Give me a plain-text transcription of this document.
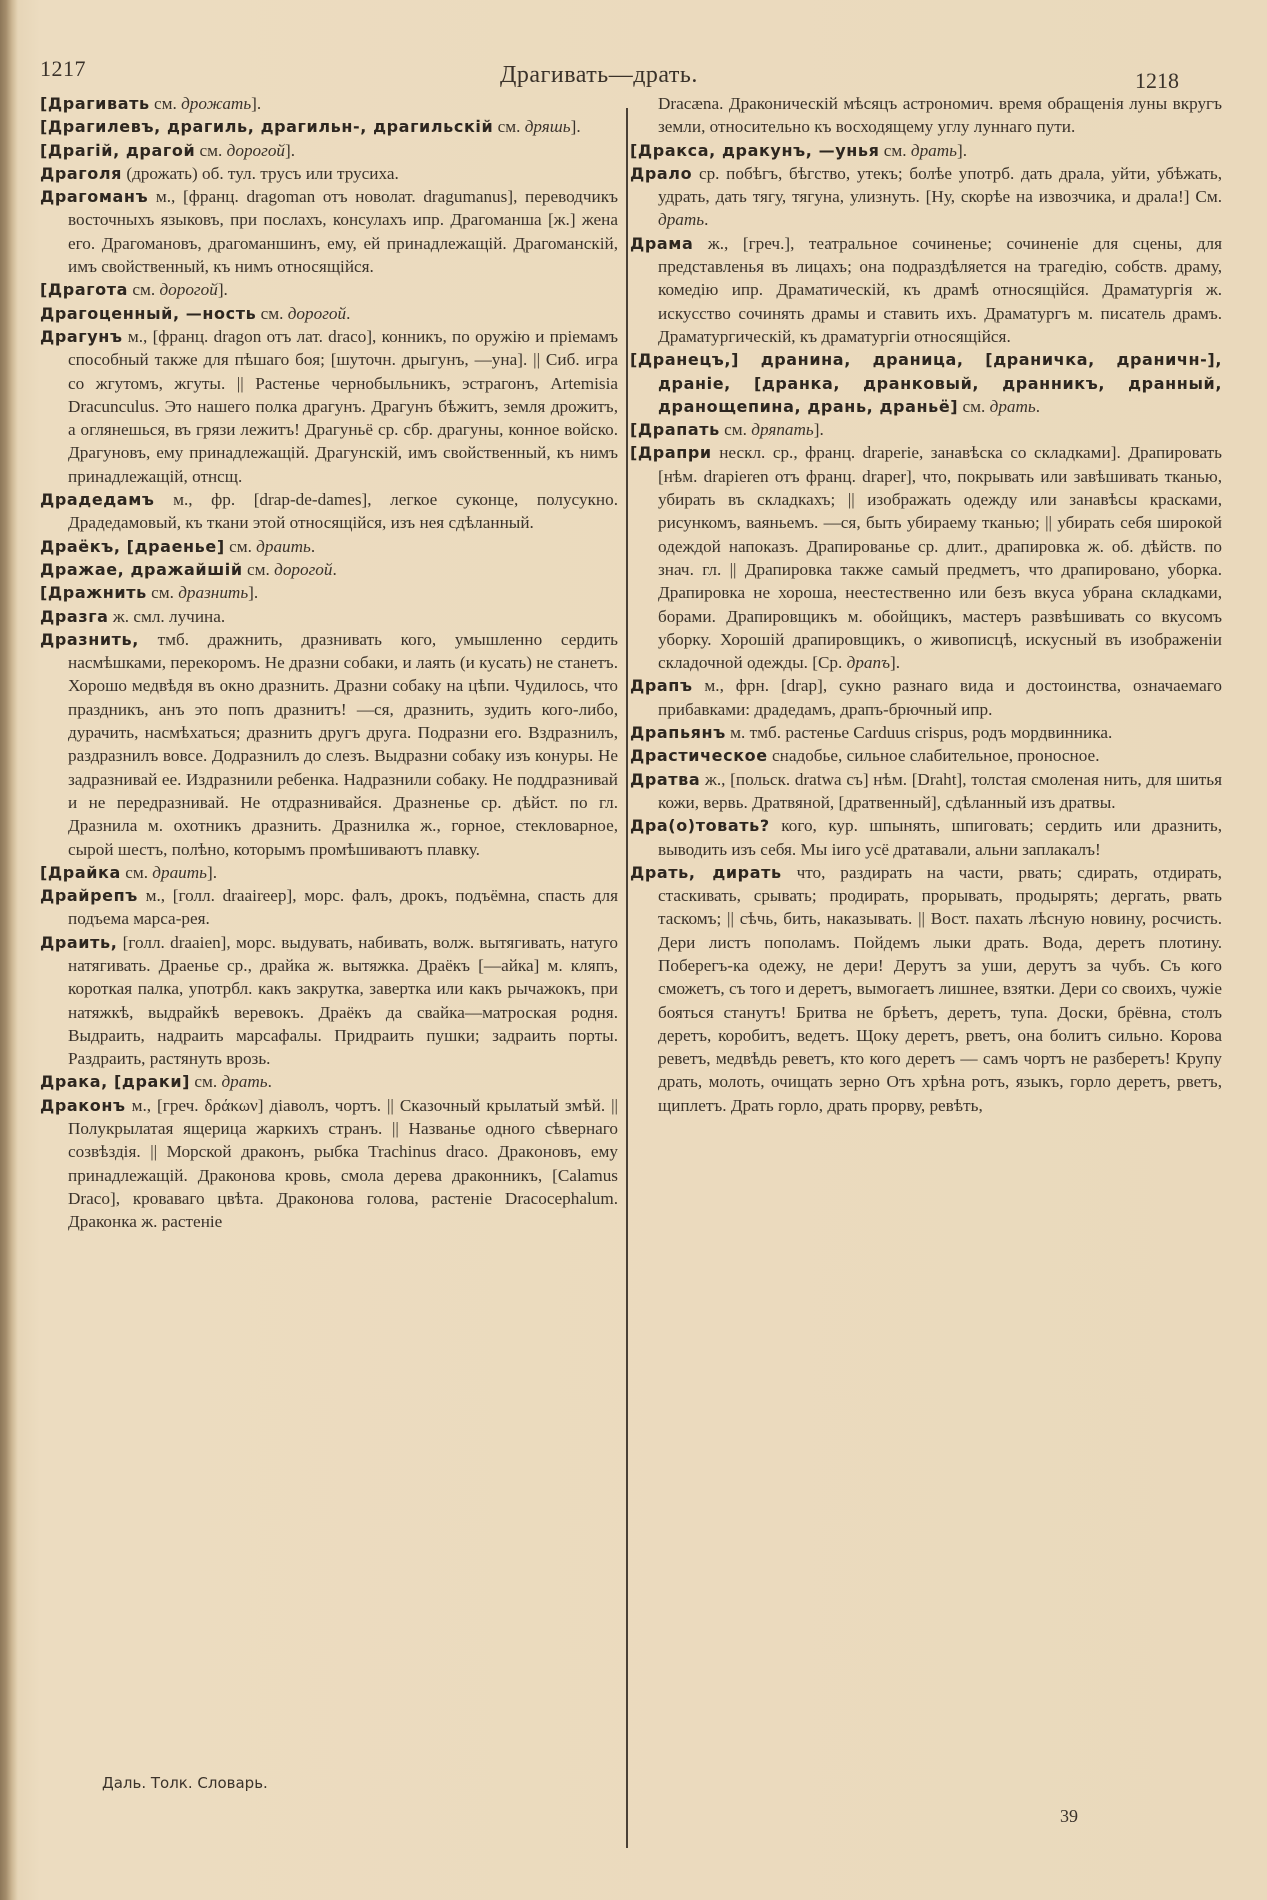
1217	Драгивать—драть.	1218

[Драгивать см. дрожать].

[Драгилевъ, драгиль, драгильн-, драгильскій см. дряшь].

[Драгій, драгой см. дорогой].

Драголя (дрожать) об. тул. трусъ или трусиха.

Драгоманъ м., [франц. dragoman отъ новолат. dragumanus], переводчикъ восточныхъ языковъ, при послахъ, консулахъ ипр. Драгоманша [ж.] жена его. Драгомановъ, драгоманшинъ, ему, ей принадлежащій. Драгоманскій, имъ свойственный, къ нимъ относящійся.

[Драгота см. дорогой].

Драгоценный, —ность см. дорогой.

Драгунъ м., [франц. dragon отъ лат. draco], конникъ, по оружію и пріемамъ способный также для пѣшаго боя; [шуточн. дрыгунъ, —уна]. || Сиб. игра со жгутомъ, жгуты. || Растенье чернобыльникъ, эстрагонъ, Artemisia Dracunculus. Это нашего полка драгунъ. Драгунъ бѣжитъ, земля дрожитъ, а оглянешься, въ грязи лежитъ! Драгуньё ср. сбр. драгуны, конное войско. Драгуновъ, ему принадлежащій. Драгунскій, имъ свойственный, къ нимъ принадлежащій, отнсщ.

Драдедамъ м., фр. [drap-de-dames], легкое суконце, полусукно. Драдедамовый, къ ткани этой относящійся, изъ нея сдѣланный.

Драёкъ, [драенье] см. драить.

Дражае, дражайшій см. дорогой.

[Дражнить см. дразнить].

Дразга ж. смл. лучина.

Дразнить, тмб. дражнить, дразнивать кого, умышленно сердить насмѣшками, перекоромъ. Не дразни собаки, и лаять (и кусать) не станетъ. Хорошо медвѣдя въ окно дразнить. Дразни собаку на цѣпи. Чудилось, что праздникъ, анъ это попъ дразнитъ! —ся, дразнить, зудить кого-либо, дурачить, насмѣхаться; дразнить другъ друга. Подразни его. Вздразнилъ, раздразнилъ вовсе. Додразнилъ до слезъ. Выдразни собаку изъ конуры. Не задразнивай ее. Издразнили ребенка. Надразнили собаку. Не поддразнивай и не передразнивай. Не отдразнивайся. Дразненье ср. дѣйст. по гл. Дразнила м. охотникъ дразнить. Дразнилка ж., горное, стекловарное, сырой шестъ, полѣно, которымъ промѣшиваютъ плавку.

[Драйка см. драить].

Драйрепъ м., [голл. draaireep], морс. фалъ, дрокъ, подъёмна, спасть для подъема марса-рея.

Драить, [голл. draaien], морс. выдувать, набивать, волж. вытягивать, натуго натягивать. Драенье ср., драйка ж. вытяжка. Драёкъ [—айка] м. кляпъ, короткая палка, употрбл. какъ закрутка, завертка или какъ рычажокъ, при натяжкѣ, выдрайкѣ веревокъ. Драёкъ да свайка—матроская родня. Выдраить, надраить марсафалы. Придраить пушки; задраить порты. Раздраить, растянуть врозь.

Драка, [драки] см. драть.

Драконъ м., [греч. δράκων] діаволъ, чортъ. || Сказочный крылатый змѣй. || Полукрылатая ящерица жаркихъ странъ. || Названье одного сѣвернаго созвѣздія. || Морской драконъ, рыбка Trachinus draco. Дракoновъ, ему принадлежащій. Драконова кровь, смола дерева драконникъ, [Calamus Draco], кроваваго цвѣта. Драконова голова, растеніе Dracocephalum. Драконка ж. растеніе

Dracæna. Драконическій мѣсяцъ астрономич. время обращенія луны вкругъ земли, относительно къ восходящему углу луннаго пути.

[Дракса, дракунъ, —унья см. драть].

Драло ср. побѣгъ, бѣгство, утекъ; болѣе употрб. дать драла, уйти, убѣжать, удрать, дать тягу, тягуна, улизнуть. [Ну, скорѣе на извозчика, и драла!] См. драть.

Драма ж., [греч.], театральное сочиненье; сочиненіе для сцены, для представленья въ лицахъ; она подраздѣляется на трагедію, собств. драму, комедію ипр. Драматическій, къ драмѣ относящійся. Драматургія ж. искусство сочинять драмы и ставить ихъ. Драматургъ м. писатель драмъ. Драматургическій, къ драматургіи относящійся.

[Дранецъ,] дранина, драница, [драничка, драничн-], драніе, [дранка, дранковый, дранникъ, дранный, дранощепина, дрань, драньё] см. драть.

[Драпать см. дряпать].

[Драпри нескл. ср., франц. draperie, занавѣска со складками]. Драпировать [нѣм. drapieren отъ франц. draper], что, покрывать или завѣшивать тканью, убирать въ складкахъ; || изображать одежду или занавѣсы красками, рисункомъ, ваяньемъ. —ся, быть убираему тканью; || убирать себя широкой одеждой напоказъ. Драпированье ср. длит., драпировка ж. об. дѣйств. по знач. гл. || Драпировка также самый предметъ, что драпировано, уборка. Драпировка не хороша, неестественно или безъ вкуса убрана складками, борами. Драпировщикъ м. обойщикъ, мастеръ развѣшивать со вкусомъ уборку. Хорошій драпировщикъ, о живописцѣ, искусный въ изображеніи складочной одежды. [Ср. драпъ].

Драпъ м., фрн. [drap], сукно разнаго вида и достоинства, означаемаго прибавками: драдедамъ, драпъ-брючный ипр.

Драпьянъ м. тмб. растенье Carduus crispus, родъ мордвинника.

Драстическое снадобье, сильное слабительное, проносное.

Дратва ж., [польск. dratwa съ] нѣм. [Draht], толстая смоленая нить, для шитья кожи, вервь. Дратвяной, [дратвенный], сдѣланный изъ дратвы.

Дра(о)товать? кого, кур. шпынять, шпиговать; сердить или дразнить, выводить изъ себя. Мы іиго усё дратавали, альни заплакалъ!

Драть, дирать что, раздирать на части, рвать; сдирать, отдирать, стаскивать, срывать; продирать, прорывать, продырять; дергать, рвать таскомъ; || сѣчь, бить, наказывать. || Вост. пахать лѣсную новину, росчисть. Дери листъ пополамъ. Пойдемъ лыки драть. Вода, деретъ плотину. Поберегъ-ка одежу, не дери! Дерутъ за уши, дерутъ за чубъ. Съ кого сможетъ, съ того и деретъ, вымогаетъ лишнее, взятки. Дери со своихъ, чужіе бояться станутъ! Бритва не брѣетъ, деретъ, тупа. Доски, брёвна, столъ деретъ, коробитъ, ведетъ. Щоку деретъ, рветъ, она болитъ сильно. Корова реветъ, медвѣдь реветъ, кто кого деретъ — самъ чортъ не разберетъ! Крупу драть, молоть, очищать зерно Отъ хрѣна ротъ, языкъ, горло деретъ, рветъ, щиплетъ. Драть горло, драть прорву, ревѣть,

Даль. Толк. Словарь.
39
